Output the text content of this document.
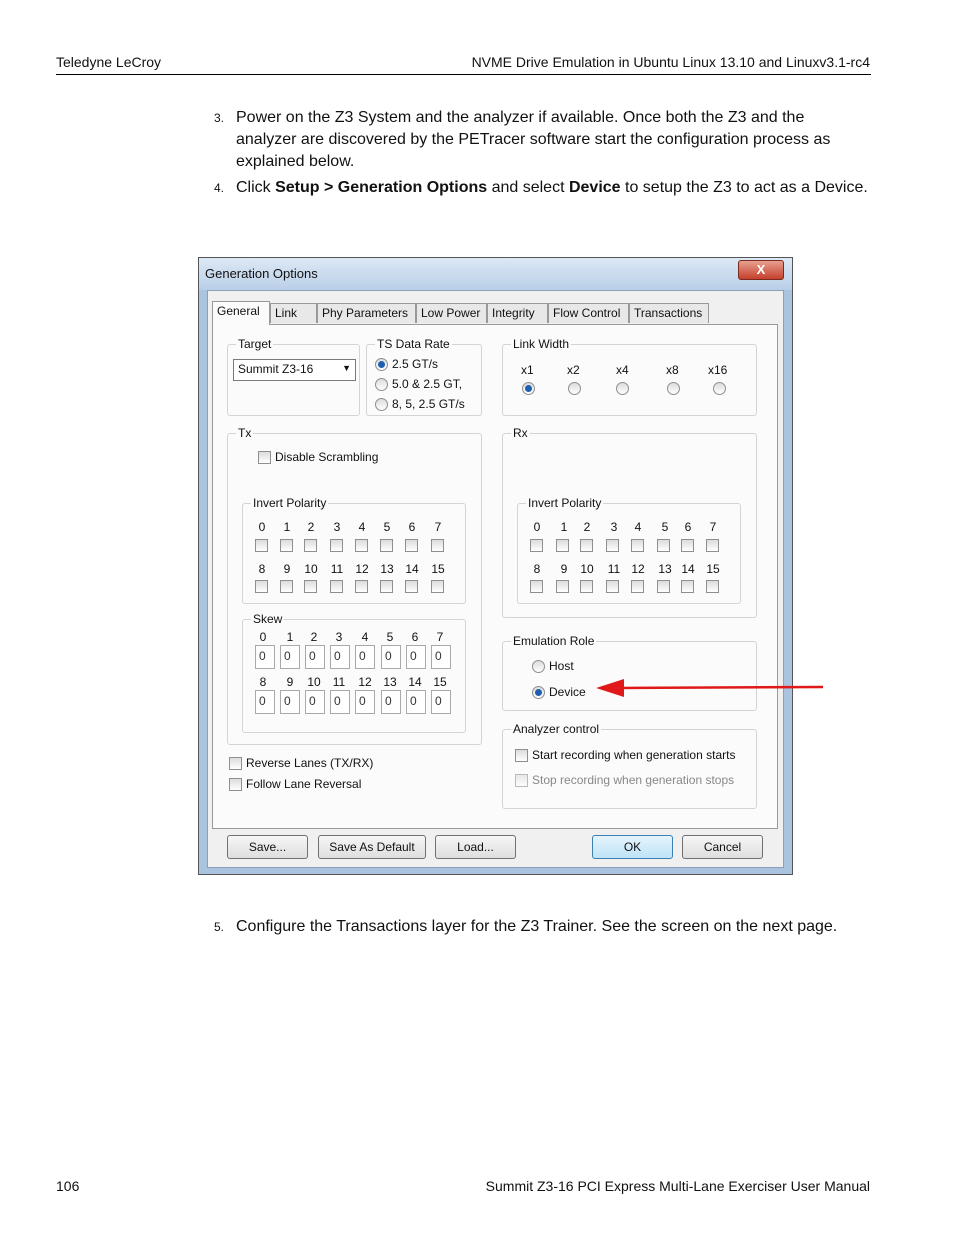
Teledyne LeCroy	NVME Drive Emulation in Ubuntu Linux 13.10 and Linuxv3.1-rc4
3. Power on the Z3 System and the analyzer if available. Once both the Z3 and the analyzer are discovered by the PETracer software start the configuration process as explained below.
4. Click Setup > Generation Options and select Device to setup the Z3 to act as a Device.
Generation Options	X
General	Link	Phy Parameters	Low Power Integrity	Flow Control	Transactions
Target
Summit Z3-16	▼
TS Data Rate
2.5 GT/s
5.0 & 2.5 GT,
8, 5, 2.5 GT/s
Link Width
x1	x2	x4	x8 x16
Tx
Disable Scrambling
Invert Polarity
0	1	2	3	4	5	6	7
8	9	10	11	12 13 14 15
Skew
0	1	2	3	4	5	6	7
0	0	0	0	0	0	0	0
8	9	10	11	12 13 14 15
0	0	0	0	0	0	0	0
Rx
Invert Polarity
0	1	2	3	4	5	6	7
8	9	10	11 12 13 14 15
Emulation Role
Host
Device
Analyzer control
Start recording when generation starts
Stop recording when generation stops
Reverse Lanes (TX/RX)
Follow Lane Reversal
Save...	Save As Default	Load...	OK	Cancel
5. Configure the Transactions layer for the Z3 Trainer. See the screen on the next page.
106	Summit Z3-16 PCI Express Multi-Lane Exerciser User Manual
